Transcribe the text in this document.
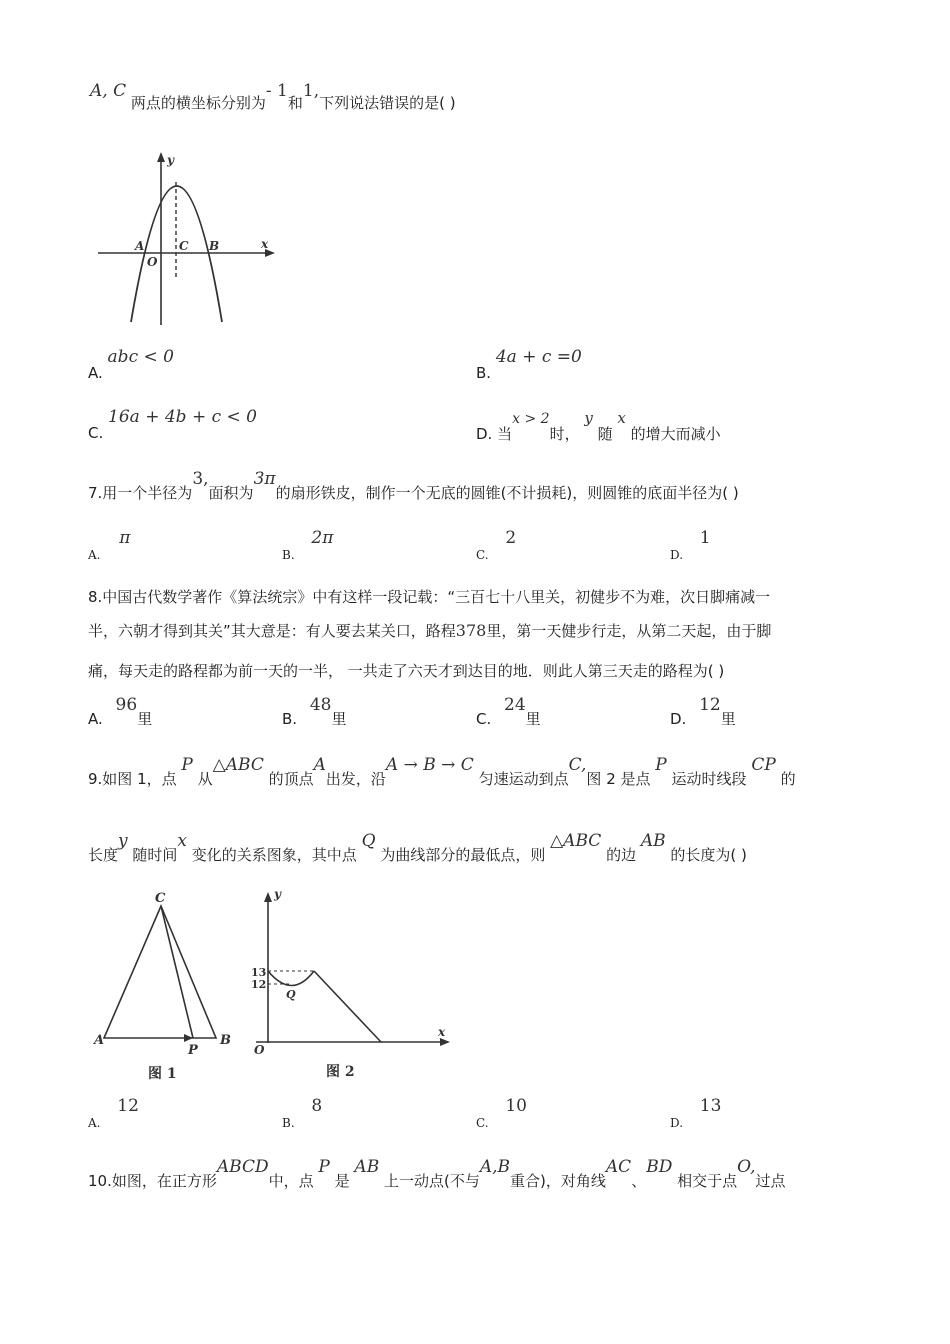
A, C 两点的横坐标分别为- 1和1,下列说法错误的是( )
y
x
A
O
C B
A. abc < 0
B. 4a + c =0
C. 16a + 4b + c < 0
D. 当x > 2时， y 随 x 的增大而减小
7.用一个半径为3,面积为3π的扇形铁皮，制作一个无底的圆锥(不计损耗)，则圆锥的底面半径为( )
$_{A.}$ π
$_{B.}$ 2π
$_{C.}$ 2
$_{D.}$ 1
8.中国古代数学著作《算法统宗》中有这样一段记载：“三百七十八里关，初健步不为难，次日脚痛减一
半，六朝才得到其关”其大意是：有人要去某关口，路程378里，第一天健步行走，从第二天起，由于脚
痛，每天走的路程都为前一天的一半， 一共走了六天才到达目的地．则此人第三天走的路程为( )
A. 96里	B. 48里	C. 24里	D. 12里
9.如图 1，点 P 从△ABC 的顶点A出发，沿A → B → C 匀速运动到点C,图 2 是点 P 运动时线段 CP 的
长度y 随时间x 变化的关系图象，其中点 Q 为曲线部分的最低点，则 △ABC 的边 AB 的长度为( )
C
A
P
B
图 1
y
x
O
13
12
Q
图 2
$_{A.}$ 12
$_{B.}$ 8
$_{C.}$ 10
$_{D.}$ 13
10.如图，在正方形ABCD中，点 P 是 AB 上一动点(不与A,B重合)，对角线AC、BD 相交于点O,过点
